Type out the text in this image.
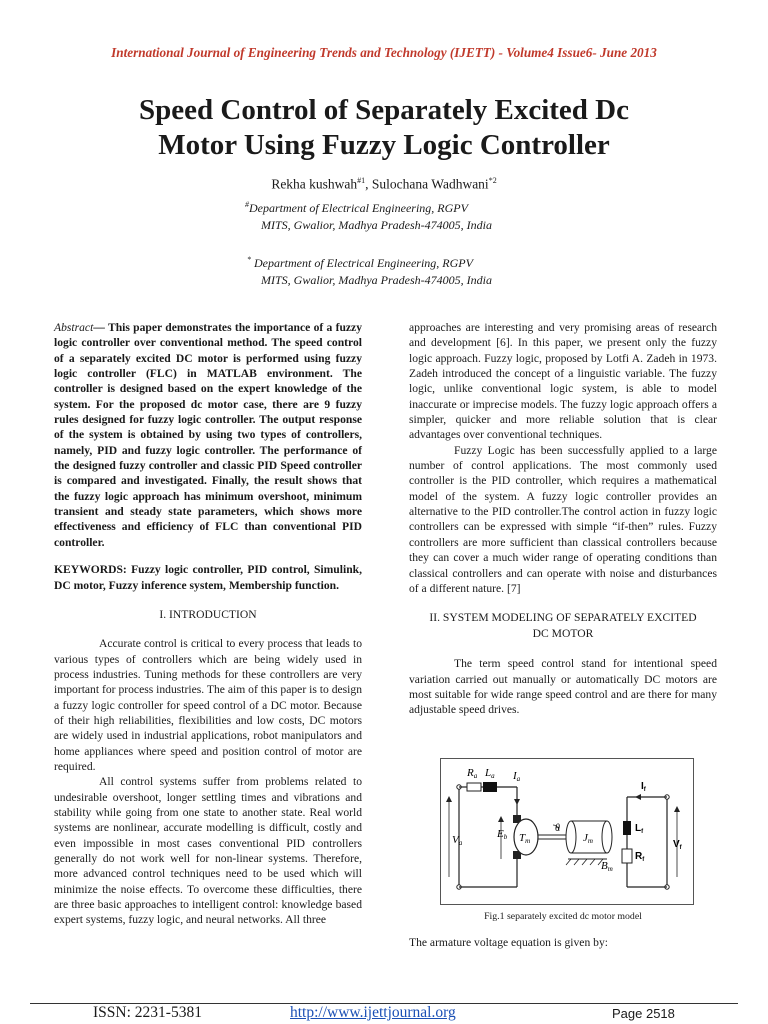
International Journal of Engineering Trends and Technology (IJETT) - Volume4 Issue6- June 2013
Speed Control of Separately Excited Dc
Motor Using Fuzzy Logic Controller
Rekha kushwah$^{\#1}$, Sulochana Wadhwani$^{*2}$
#Department of Electrical Engineering, RGPV
MITS, Gwalior, Madhya Pradesh-474005, India
* Department of Electrical Engineering, RGPV
MITS, Gwalior, Madhya Pradesh-474005, India

Abstract— This paper demonstrates the importance of a fuzzy logic controller over conventional method. The speed control of a separately excited DC motor is performed using fuzzy logic controller (FLC) in MATLAB environment. The controller is designed based on the expert knowledge of the system. For the proposed dc motor case, there are 9 fuzzy rules designed for fuzzy logic controller. The output response of the system is obtained by using two types of controllers, namely, PID and fuzzy logic controller. The performance of the designed fuzzy controller and classic PID Speed controller is compared and investigated. Finally, the result shows that the fuzzy logic approach has minimum overshoot, minimum transient and steady state parameters, which shows more effectiveness and efficiency of FLC than conventional PID controller.

KEYWORDS: Fuzzy logic controller, PID control, Simulink, DC motor, Fuzzy inference system, Membership function.

I. INTRODUCTION

Accurate control is critical to every process that leads to various types of controllers which are being widely used in process industries. Tuning methods for these controllers are very important for process industries. The aim of this paper is to design a fuzzy logic controller for speed control of a DC motor. Because of their high reliabilities, flexibilities and low costs, DC motors are widely used in industrial applications, robot manipulators and home appliances where speed and position control of motor are required.

All control systems suffer from problems related to undesirable overshoot, longer settling times and vibrations and stability while going from one state to another state. Real world systems are nonlinear, accurate modelling is difficult, costly and even impossible in most cases conventional PID controllers generally do not work well for non-linear systems. Therefore, more advanced control techniques need to be used which will minimize the noise effects. To overcome these difficulties, there are three basic approaches to intelligent control: knowledge based expert systems, fuzzy logic, and neural networks. All three

approaches are interesting and very promising areas of research and development [6]. In this paper, we present only the fuzzy logic approach. Fuzzy logic, proposed by Lotfi A. Zadeh in 1973. Zadeh introduced the concept of a linguistic variable. The fuzzy logic, unlike conventional logic system, is able to model inaccurate or imprecise models. The fuzzy logic approach offers a simpler, quicker and more reliable solution that is clear advantages over conventional techniques.

Fuzzy Logic has been successfully applied to a large number of control applications. The most commonly used controller is the PID controller, which requires a mathematical model of the system. A fuzzy logic controller provides an alternative to the PID controller.The control action in fuzzy logic controllers can be expressed with simple “if-then” rules. Fuzzy controllers are more sufficient than classical controllers because they can cover a much wider range of operating conditions than classical controllers and can operate with noise and disturbances of a different nature. [7]

II. SYSTEM MODELING OF SEPARATELY EXCITED
DC MOTOR

The term speed control stand for intentional speed variation carried out manually or automatically DC motors are most suitable for wide range speed control and are there for many adjustable speed drives.

Ra La Ia
Va
Eb Tm
θ
Jm
Bm
$I_f$
$L_f$
$R_f$
$V_f$
Fig.1 separately excited dc motor model
The armature voltage equation is given by:
ISSN: 2231-5381	http://www.ijettjournal.org	Page 2518
